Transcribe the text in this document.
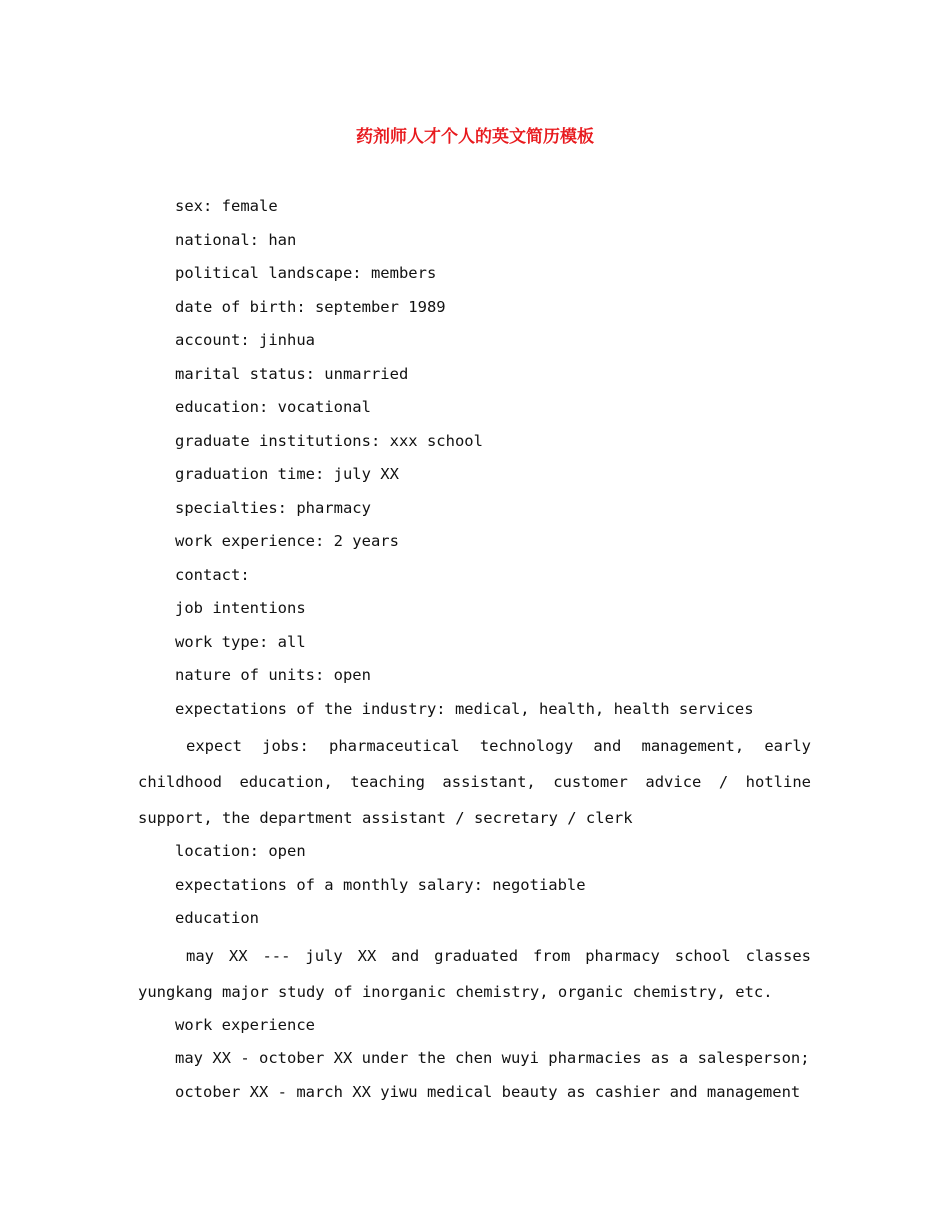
药剂师人才个人的英文简历模板
sex: female
national: han
political landscape: members
date of birth: september 1989
account: jinhua
marital status: unmarried
education: vocational
graduate institutions: xxx school
graduation time: july XX
specialties: pharmacy
work experience: 2 years
contact:
job intentions
work type: all
nature of units: open
expectations of the industry: medical, health, health services
expect jobs: pharmaceutical technology and management, early childhood education, teaching assistant, customer advice / hotline support, the department assistant / secretary / clerk
location: open
expectations of a monthly salary: negotiable
education
may XX --- july XX and graduated from pharmacy school classes yungkang major study of inorganic chemistry, organic chemistry, etc.
work experience
may XX - october XX under the chen wuyi pharmacies as a salesperson;
october XX - march XX yiwu medical beauty as cashier and management
